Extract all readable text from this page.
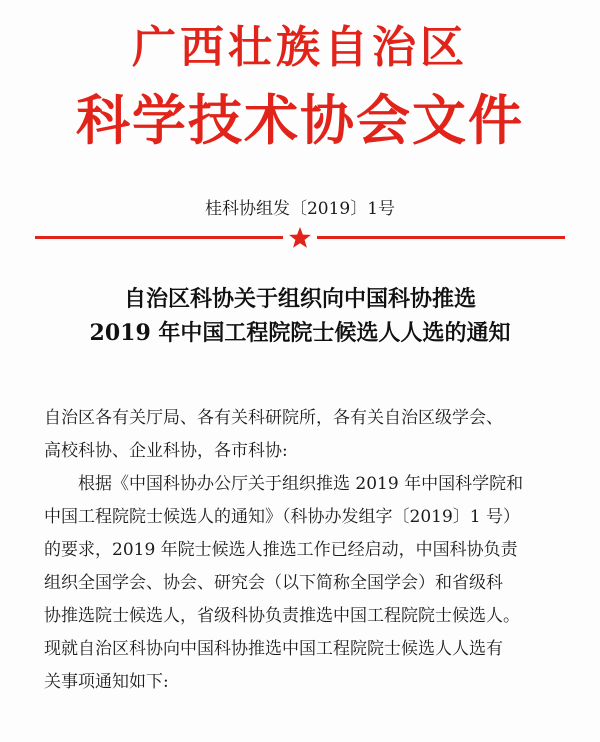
广西壮族自治区
科学技术协会文件
桂科协组发〔2019〕1号
自治区科协关于组织向中国科协推选
2019 年中国工程院院士候选人人选的通知

自治区各有关厅局、各有关科研院所，各有关自治区级学会、

高校科协、企业科协，各市科协:

根据《中国科协办公厅关于组织推选 2019 年中国科学院和

中国工程院院士候选人的通知》（科协办发组字〔2019〕1 号）

的要求，2019 年院士候选人推选工作已经启动，中国科协负责

组织全国学会、协会、研究会（以下简称全国学会）和省级科

协推选院士候选人，省级科协负责推选中国工程院院士候选人。

现就自治区科协向中国科协推选中国工程院院士候选人人选有

关事项通知如下:
